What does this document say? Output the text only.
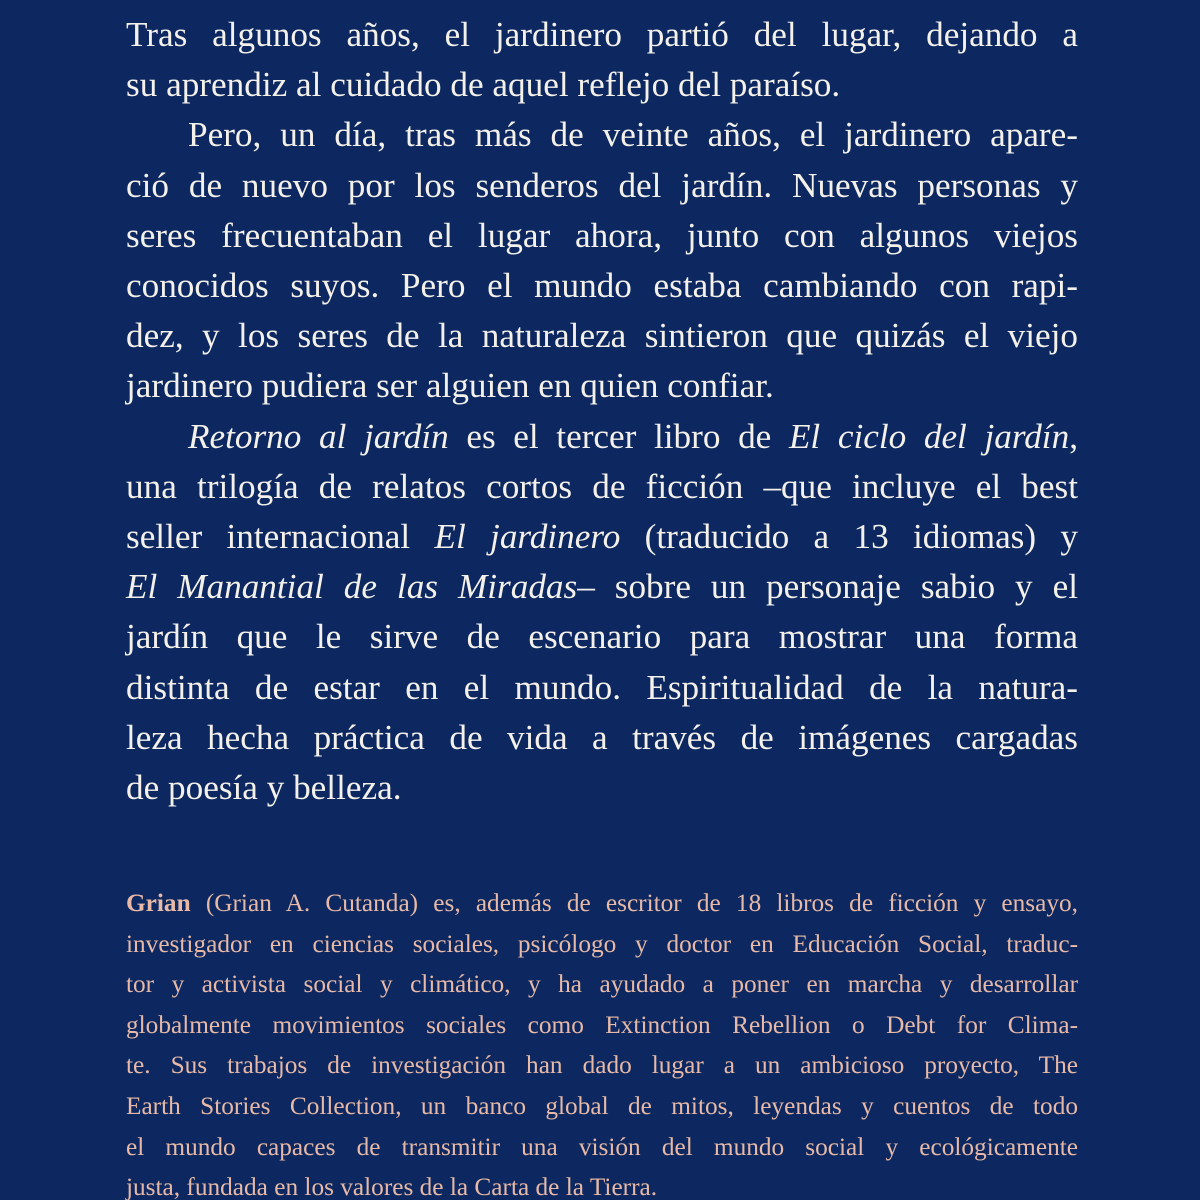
Tras algunos años, el jardinero partió del lugar, dejando a

su aprendiz al cuidado de aquel reflejo del paraíso.

Pero, un día, tras más de veinte años, el jardinero apare-
ció de nuevo por los senderos del jardín. Nuevas personas y
seres frecuentaban el lugar ahora, junto con algunos viejos
conocidos suyos. Pero el mundo estaba cambiando con rapi-
dez, y los seres de la naturaleza sintieron que quizás el viejo

jardinero pudiera ser alguien en quien confiar.

Retorno al jardín es el tercer libro de El ciclo del jardín,
una trilogía de relatos cortos de ficción –que incluye el best
seller internacional El jardinero (traducido a 13 idiomas) y
El Manantial de las Miradas– sobre un personaje sabio y el
jardín que le sirve de escenario para mostrar una forma
distinta de estar en el mundo. Espiritualidad de la natura-
leza hecha práctica de vida a través de imágenes cargadas

de poesía y belleza.

Grian (Grian A. Cutanda) es, además de escritor de 18 libros de ficción y ensayo,
investigador en ciencias sociales, psicólogo y doctor en Educación Social, traduc-
tor y activista social y climático, y ha ayudado a poner en marcha y desarrollar
globalmente movimientos sociales como Extinction Rebellion o Debt for Clima-
te. Sus trabajos de investigación han dado lugar a un ambicioso proyecto, The
Earth Stories Collection, un banco global de mitos, leyendas y cuentos de todo
el mundo capaces de transmitir una visión del mundo social y ecológicamente
justa, fundada en los valores de la Carta de la Tierra.
